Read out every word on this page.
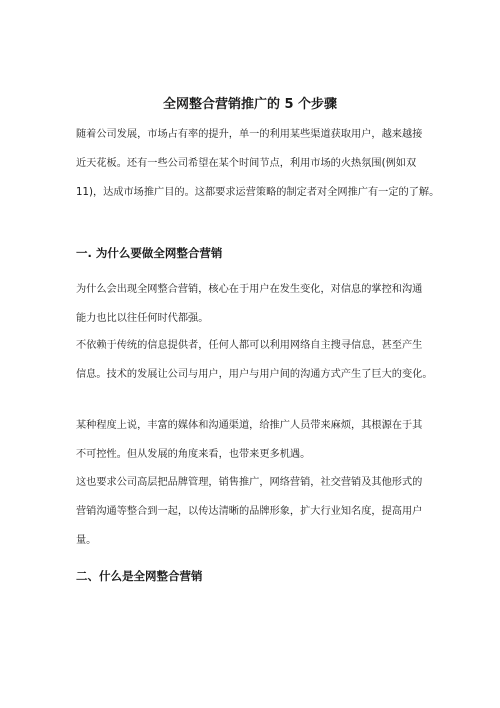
全网整合营销推广的 5 个步骤
随着公司发展，市场占有率的提升，单一的利用某些渠道获取用户，越来越接
近天花板。还有一些公司希望在某个时间节点，利用市场的火热氛围(例如双
11)，达成市场推广目的。这都要求运营策略的制定者对全网推广有一定的了解。
一. 为什么要做全网整合营销
为什么会出现全网整合营销，核心在于用户在发生变化，对信息的掌控和沟通
能力也比以往任何时代都强。
不依赖于传统的信息提供者，任何人都可以利用网络自主搜寻信息，甚至产生
信息。技术的发展让公司与用户，用户与用户间的沟通方式产生了巨大的变化。
某种程度上说，丰富的媒体和沟通渠道，给推广人员带来麻烦，其根源在于其
不可控性。但从发展的角度来看，也带来更多机遇。
这也要求公司高层把品牌管理，销售推广，网络营销，社交营销及其他形式的
营销沟通等整合到一起，以传达清晰的品牌形象，扩大行业知名度，提高用户
量。
二、什么是全网整合营销
